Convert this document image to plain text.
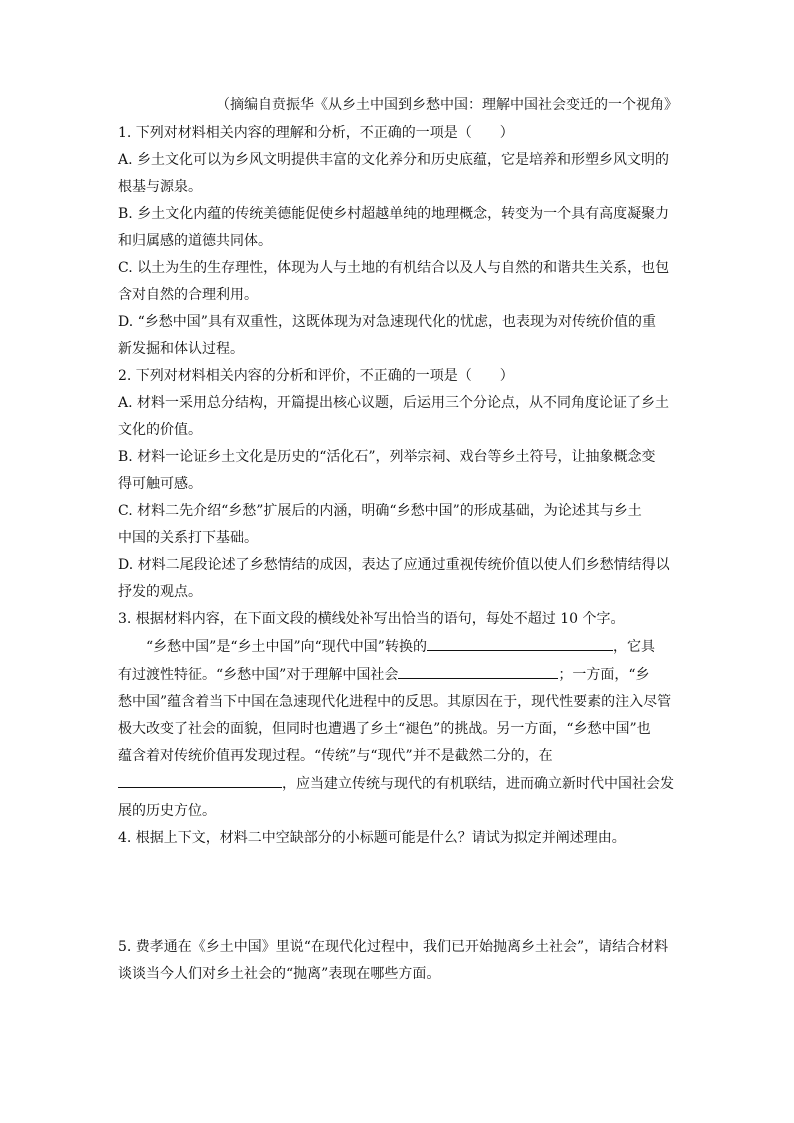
（摘编自贲振华《从乡土中国到乡愁中国：理解中国社会变迁的一个视角》

1. 下列对材料相关内容的理解和分析，不正确的一项是（　　）

A. 乡土文化可以为乡风文明提供丰富的文化养分和历史底蕴，它是培养和形塑乡风文明的

根基与源泉。

B. 乡土文化内蕴的传统美德能促使乡村超越单纯的地理概念，转变为一个具有高度凝聚力

和归属感的道德共同体。

C. 以土为生的生存理性，体现为人与土地的有机结合以及人与自然的和谐共生关系，也包

含对自然的合理利用。

D. “乡愁中国”具有双重性，这既体现为对急速现代化的忧虑，也表现为对传统价值的重

新发掘和体认过程。

2. 下列对材料相关内容的分析和评价，不正确的一项是（　　）

A. 材料一采用总分结构，开篇提出核心议题，后运用三个分论点，从不同角度论证了乡土

文化的价值。

B. 材料一论证乡土文化是历史的“活化石”，列举宗祠、戏台等乡土符号，让抽象概念变

得可触可感。

C. 材料二先介绍“乡愁”扩展后的内涵，明确“乡愁中国”的形成基础，为论述其与乡土

中国的关系打下基础。

D. 材料二尾段论述了乡愁情结的成因，表达了应通过重视传统价值以使人们乡愁情结得以

抒发的观点。

3. 根据材料内容，在下面文段的横线处补写出恰当的语句，每处不超过 10 个字。

“乡愁中国”是“乡土中国”向“现代中国”转换的	，它具

有过渡性特征。“乡愁中国”对于理解中国社会	；一方面，“乡

愁中国”蕴含着当下中国在急速现代化进程中的反思。其原因在于，现代性要素的注入尽管

极大改变了社会的面貌，但同时也遭遇了乡土“褪色”的挑战。另一方面，“乡愁中国”也

蕴含着对传统价值再发现过程。“传统”与“现代”并不是截然二分的，在

，应当建立传统与现代的有机联结，进而确立新时代中国社会发

展的历史方位。

4. 根据上下文，材料二中空缺部分的小标题可能是什么？请试为拟定并阐述理由。

5. 费孝通在《乡土中国》里说“在现代化过程中，我们已开始抛离乡土社会”，请结合材料

谈谈当今人们对乡土社会的“抛离”表现在哪些方面。
